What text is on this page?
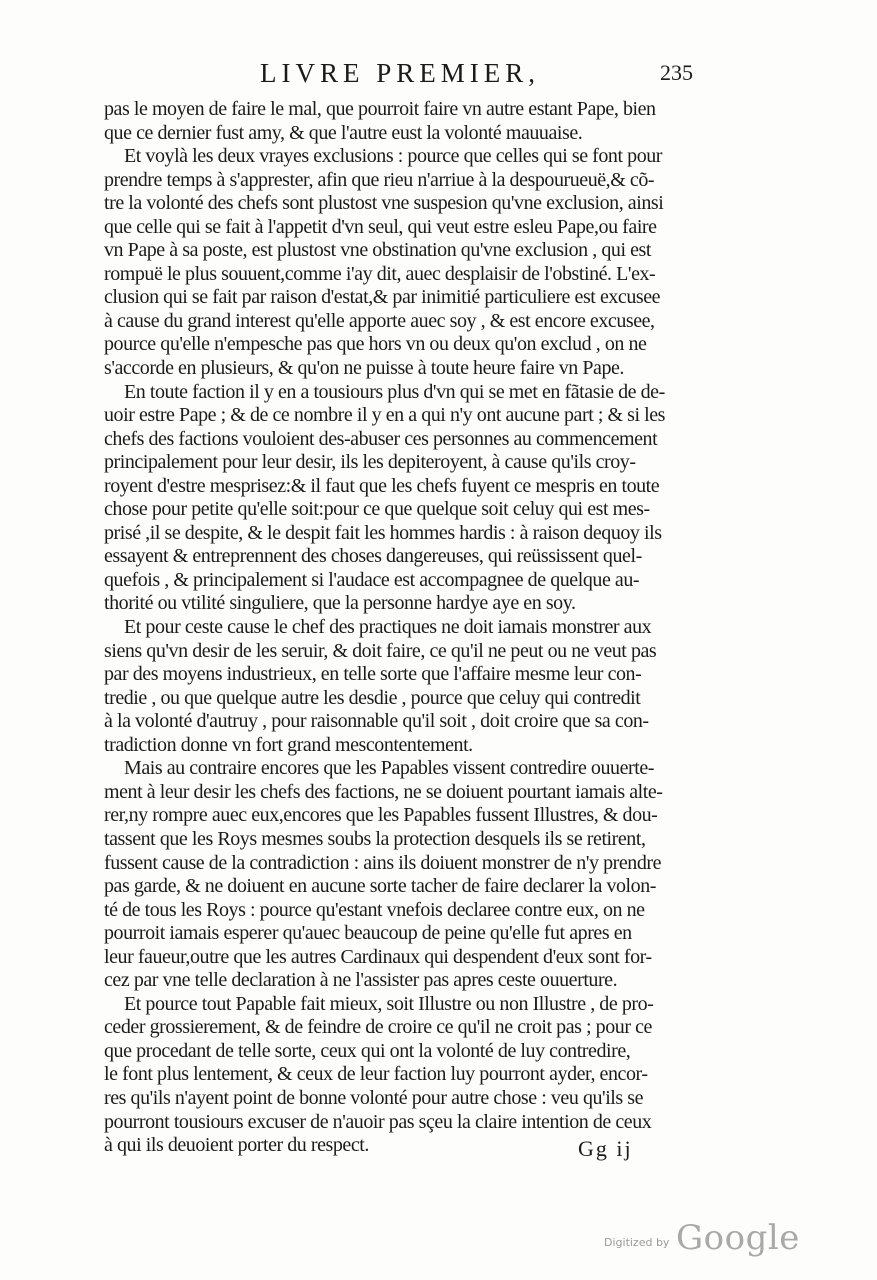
LIVRE PREMIER,	235
pas le moyen de faire le mal, que pourroit faire vn autre estant Pape, bien
que ce dernier fust amy, & que l'autre eust la volonté mauuaise.
Et voylà les deux vrayes exclusions : pource que celles qui se font pour
prendre temps à s'apprester, afin que rieu n'arriue à la despourueuë,& cõ-
tre la volonté des chefs sont plustost vne suspesion qu'vne exclusion, ainsi
que celle qui se fait à l'appetit d'vn seul, qui veut estre esleu Pape,ou faire
vn Pape à sa poste, est plustost vne obstination qu'vne exclusion , qui est
rompuë le plus souuent,comme i'ay dit, auec desplaisir de l'obstiné. L'ex-
clusion qui se fait par raison d'estat,& par inimitié particuliere est excusee
à cause du grand interest qu'elle apporte auec soy , & est encore excusee,
pource qu'elle n'empesche pas que hors vn ou deux qu'on exclud , on ne
s'accorde en plusieurs, & qu'on ne puisse à toute heure faire vn Pape.
En toute faction il y en a tousiours plus d'vn qui se met en fãtasie de de-
uoir estre Pape ; & de ce nombre il y en a qui n'y ont aucune part ; & si les
chefs des factions vouloient des-abuser ces personnes au commencement
principalement pour leur desir, ils les depiteroyent, à cause qu'ils croy-
royent d'estre mesprisez:& il faut que les chefs fuyent ce mespris en toute
chose pour petite qu'elle soit:pour ce que quelque soit celuy qui est mes-
prisé ,il se despite, & le despit fait les hommes hardis : à raison dequoy ils
essayent & entreprennent des choses dangereuses, qui reüssissent quel-
quefois , & principalement si l'audace est accompagnee de quelque au-
thorité ou vtilité singuliere, que la personne hardye aye en soy.
Et pour ceste cause le chef des practiques ne doit iamais monstrer aux
siens qu'vn desir de les seruir, & doit faire, ce qu'il ne peut ou ne veut pas
par des moyens industrieux, en telle sorte que l'affaire mesme leur con-
tredie , ou que quelque autre les desdie , pource que celuy qui contredit
à la volonté d'autruy , pour raisonnable qu'il soit , doit croire que sa con-
tradiction donne vn fort grand mescontentement.
Mais au contraire encores que les Papables vissent contredire ouuerte-
ment à leur desir les chefs des factions, ne se doiuent pourtant iamais alte-
rer,ny rompre auec eux,encores que les Papables fussent Illustres, & dou-
tassent que les Roys mesmes soubs la protection desquels ils se retirent,
fussent cause de la contradiction : ains ils doiuent monstrer de n'y prendre
pas garde, & ne doiuent en aucune sorte tacher de faire declarer la volon-
té de tous les Roys : pource qu'estant vnefois declaree contre eux, on ne
pourroit iamais esperer qu'auec beaucoup de peine qu'elle fut apres en
leur faueur,outre que les autres Cardinaux qui despendent d'eux sont for-
cez par vne telle declaration à ne l'assister pas apres ceste ouuerture.
Et pource tout Papable fait mieux, soit Illustre ou non Illustre , de pro-
ceder grossierement, & de feindre de croire ce qu'il ne croit pas ; pour ce
que procedant de telle sorte, ceux qui ont la volonté de luy contredire,
le font plus lentement, & ceux de leur faction luy pourront ayder, encor-
res qu'ils n'ayent point de bonne volonté pour autre chose : veu qu'ils se
pourront tousiours excuser de n'auoir pas sçeu la claire intention de ceux
à qui ils deuoient porter du respect.	Gg ij
Digitized by Google
